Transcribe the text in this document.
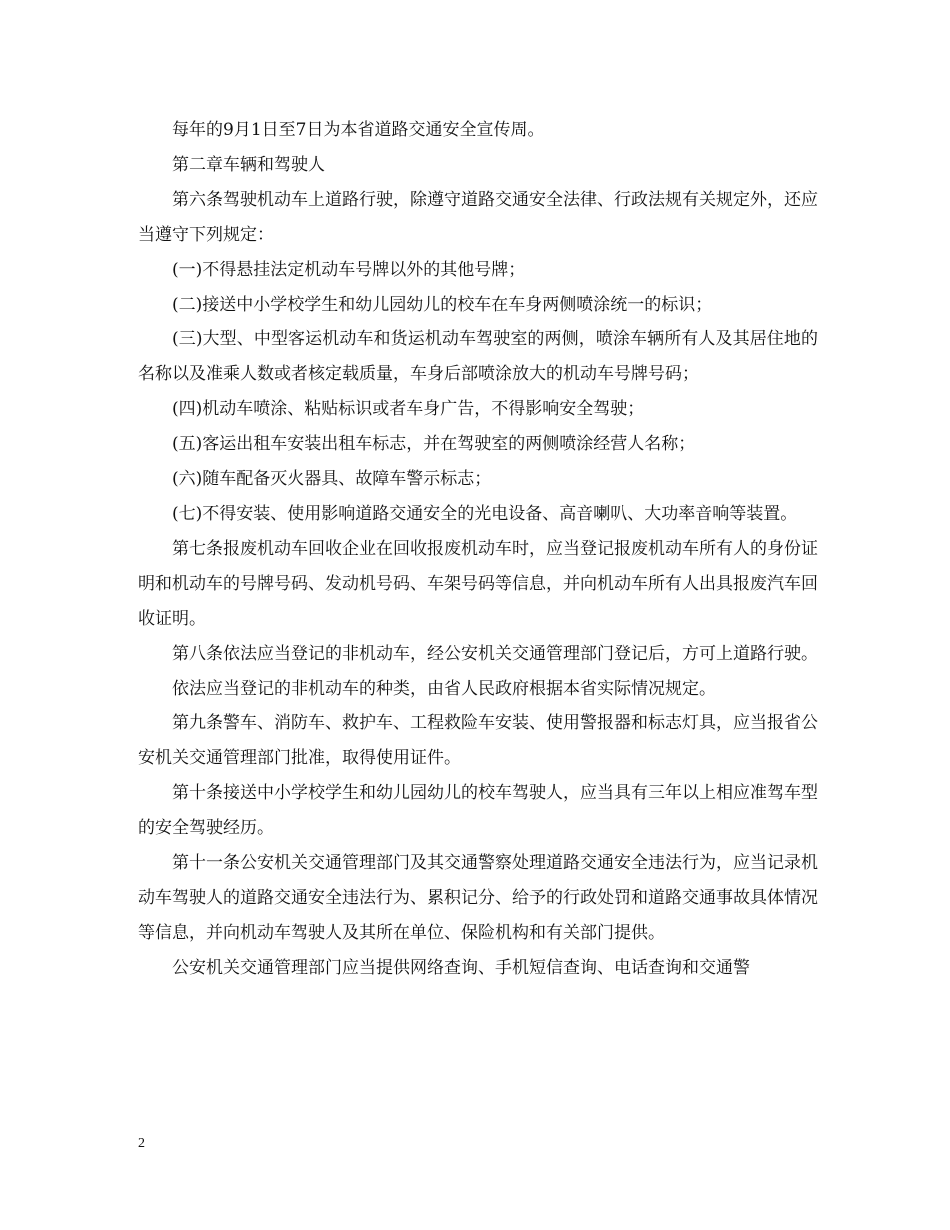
每年的9月1日至7日为本省道路交通安全宣传周。

第二章车辆和驾驶人

第六条驾驶机动车上道路行驶，除遵守道路交通安全法律、行政法规有关规定外，还应当遵守下列规定：

(一)不得悬挂法定机动车号牌以外的其他号牌；

(二)接送中小学校学生和幼儿园幼儿的校车在车身两侧喷涂统一的标识；

(三)大型、中型客运机动车和货运机动车驾驶室的两侧，喷涂车辆所有人及其居住地的名称以及准乘人数或者核定载质量，车身后部喷涂放大的机动车号牌号码；

(四)机动车喷涂、粘贴标识或者车身广告，不得影响安全驾驶；

(五)客运出租车安装出租车标志，并在驾驶室的两侧喷涂经营人名称；

(六)随车配备灭火器具、故障车警示标志；

(七)不得安装、使用影响道路交通安全的光电设备、高音喇叭、大功率音响等装置。

第七条报废机动车回收企业在回收报废机动车时，应当登记报废机动车所有人的身份证明和机动车的号牌号码、发动机号码、车架号码等信息，并向机动车所有人出具报废汽车回收证明。

第八条依法应当登记的非机动车，经公安机关交通管理部门登记后，方可上道路行驶。

依法应当登记的非机动车的种类，由省人民政府根据本省实际情况规定。

第九条警车、消防车、救护车、工程救险车安装、使用警报器和标志灯具，应当报省公安机关交通管理部门批准，取得使用证件。

第十条接送中小学校学生和幼儿园幼儿的校车驾驶人，应当具有三年以上相应准驾车型的安全驾驶经历。

第十一条公安机关交通管理部门及其交通警察处理道路交通安全违法行为，应当记录机动车驾驶人的道路交通安全违法行为、累积记分、给予的行政处罚和道路交通事故具体情况等信息，并向机动车驾驶人及其所在单位、保险机构和有关部门提供。

公安机关交通管理部门应当提供网络查询、手机短信查询、电话查询和交通警

2
